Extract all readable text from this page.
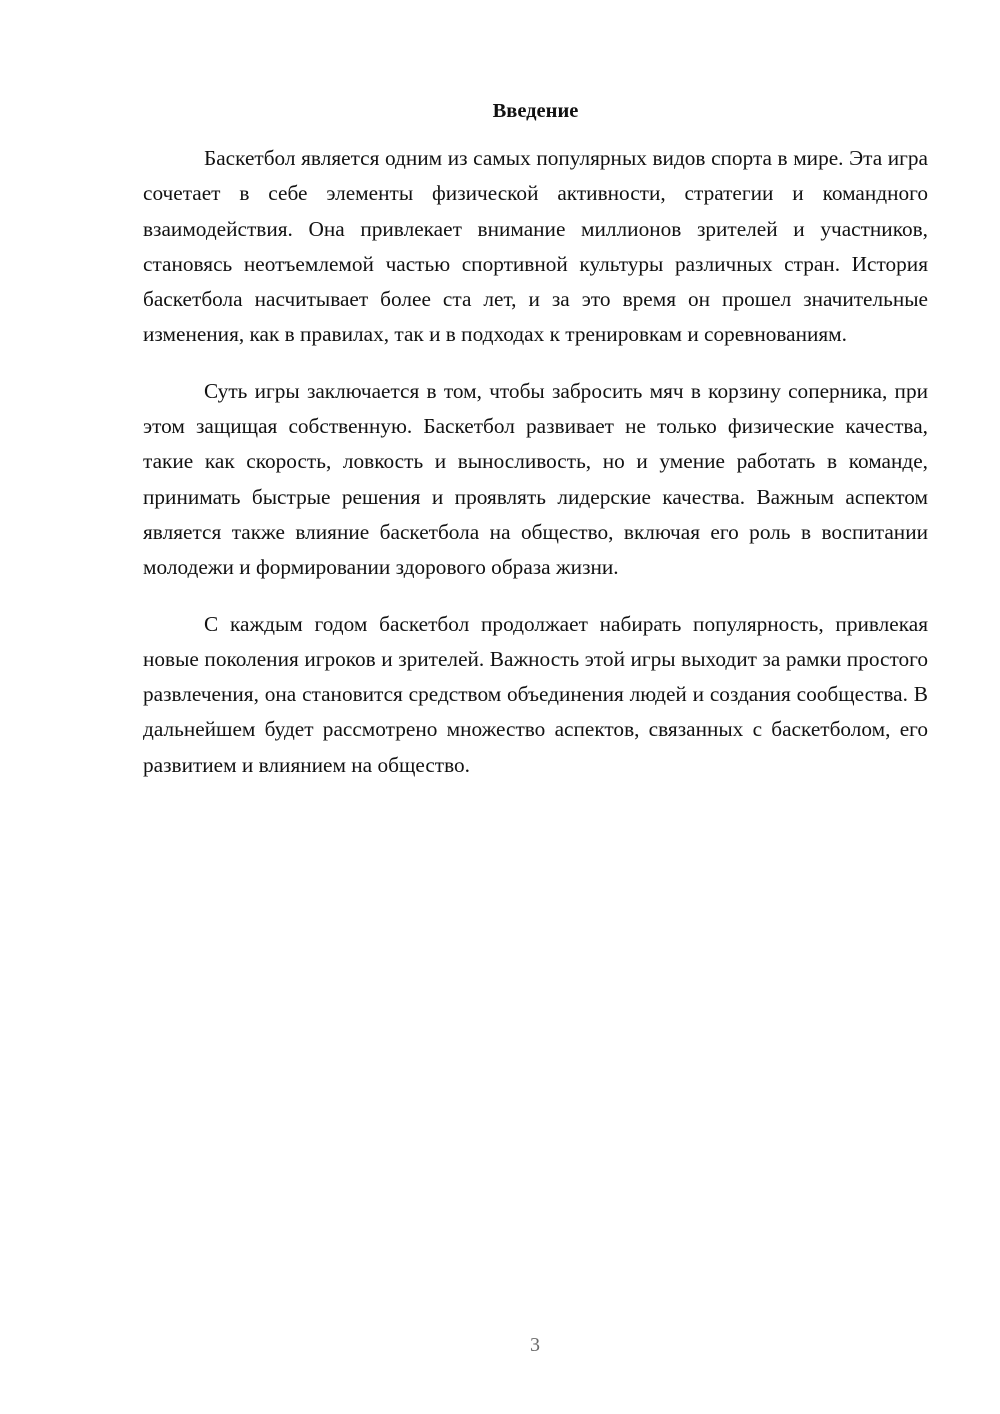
Введение

Баскетбол является одним из самых популярных видов спорта в мире. Эта игра сочетает в себе элементы физической активности, стратегии и командного взаимодействия. Она привлекает внимание миллионов зрителей и участников, становясь неотъемлемой частью спортивной культуры различных стран. История баскетбола насчитывает более ста лет, и за это время он прошел значительные изменения, как в правилах, так и в подходах к тренировкам и соревнованиям.

Суть игры заключается в том, чтобы забросить мяч в корзину соперника, при этом защищая собственную. Баскетбол развивает не только физические качества, такие как скорость, ловкость и выносливость, но и умение работать в команде, принимать быстрые решения и проявлять лидерские качества. Важным аспектом является также влияние баскетбола на общество, включая его роль в воспитании молодежи и формировании здорового образа жизни.

С каждым годом баскетбол продолжает набирать популярность, привлекая новые поколения игроков и зрителей. Важность этой игры выходит за рамки простого развлечения, она становится средством объединения людей и создания сообщества. В дальнейшем будет рассмотрено множество аспектов, связанных с баскетболом, его развитием и влиянием на общество.

3
